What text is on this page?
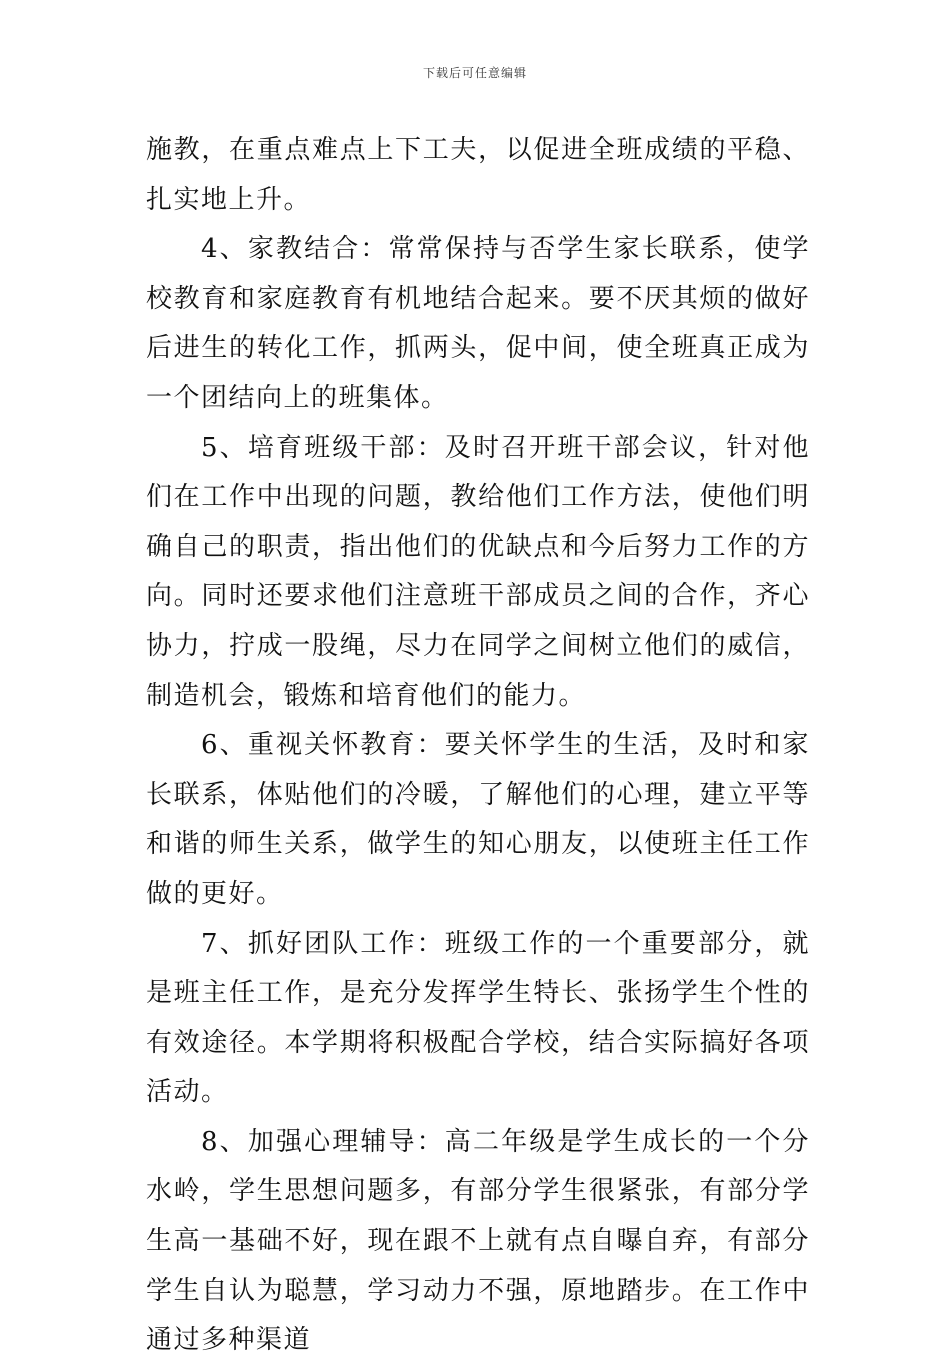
下载后可任意编辑

施教，在重点难点上下工夫，以促进全班成绩的平稳、扎实地上升。

4、家教结合：常常保持与否学生家长联系，使学校教育和家庭教育有机地结合起来。要不厌其烦的做好后进生的转化工作，抓两头，促中间，使全班真正成为一个团结向上的班集体。

5、培育班级干部：及时召开班干部会议，针对他们在工作中出现的问题，教给他们工作方法，使他们明确自己的职责，指出他们的优缺点和今后努力工作的方向。同时还要求他们注意班干部成员之间的合作，齐心协力，拧成一股绳，尽力在同学之间树立他们的威信，制造机会，锻炼和培育他们的能力。

6、重视关怀教育：要关怀学生的生活，及时和家长联系，体贴他们的冷暖，了解他们的心理，建立平等和谐的师生关系，做学生的知心朋友，以使班主任工作做的更好。

7、抓好团队工作：班级工作的一个重要部分，就是班主任工作，是充分发挥学生特长、张扬学生个性的有效途径。本学期将积极配合学校，结合实际搞好各项活动。

8、加强心理辅导：高二年级是学生成长的一个分水岭，学生思想问题多，有部分学生很紧张，有部分学生高一基础不好，现在跟不上就有点自曝自弃，有部分学生自认为聪慧，学习动力不强，原地踏步。在工作中通过多种渠道
